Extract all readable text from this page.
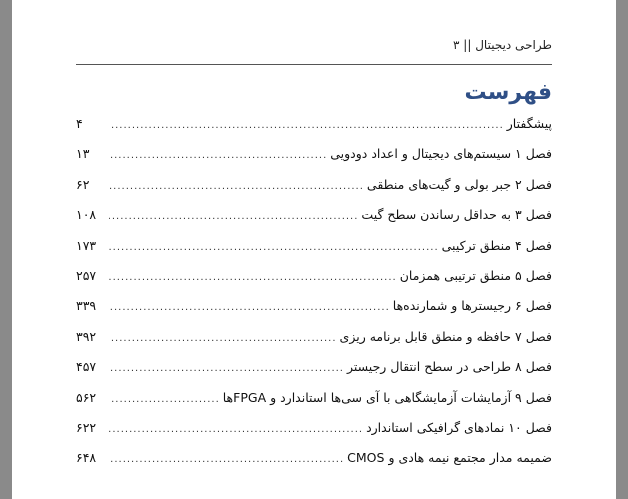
طراحی دیجیتال || ۳
فهرست
پیشگفتار
.....
۴
فصل ۱ سیستم‌های دیجیتال و اعداد دودویی
.....
۱۳
فصل ۲ جبر بولی و گیت‌های منطقی
.....
۶۲
فصل ۳ به حداقل رساندن سطح گیت
.....
۱۰۸
فصل ۴ منطق ترکیبی
.....
۱۷۳
فصل ۵ منطق ترتیبی همزمان
.....
۲۵۷
فصل ۶ رجیسترها و شمارنده‌ها
.....
۳۳۹
فصل ۷ حافظه و منطق قابل برنامه ریزی
.....
۳۹۲
فصل ۸ طراحی در سطح انتقال رجیستر
.....
۴۵۷
فصل ۹ آزمایشات آزمایشگاهی با آی سی‌ها استاندارد و FPGAها
.....
۵۶۲
فصل ۱۰ نمادهای گرافیکی استاندارد
.....
۶۲۲
ضمیمه مدار مجتمع نیمه هادی و CMOS
.....
۶۴۸
